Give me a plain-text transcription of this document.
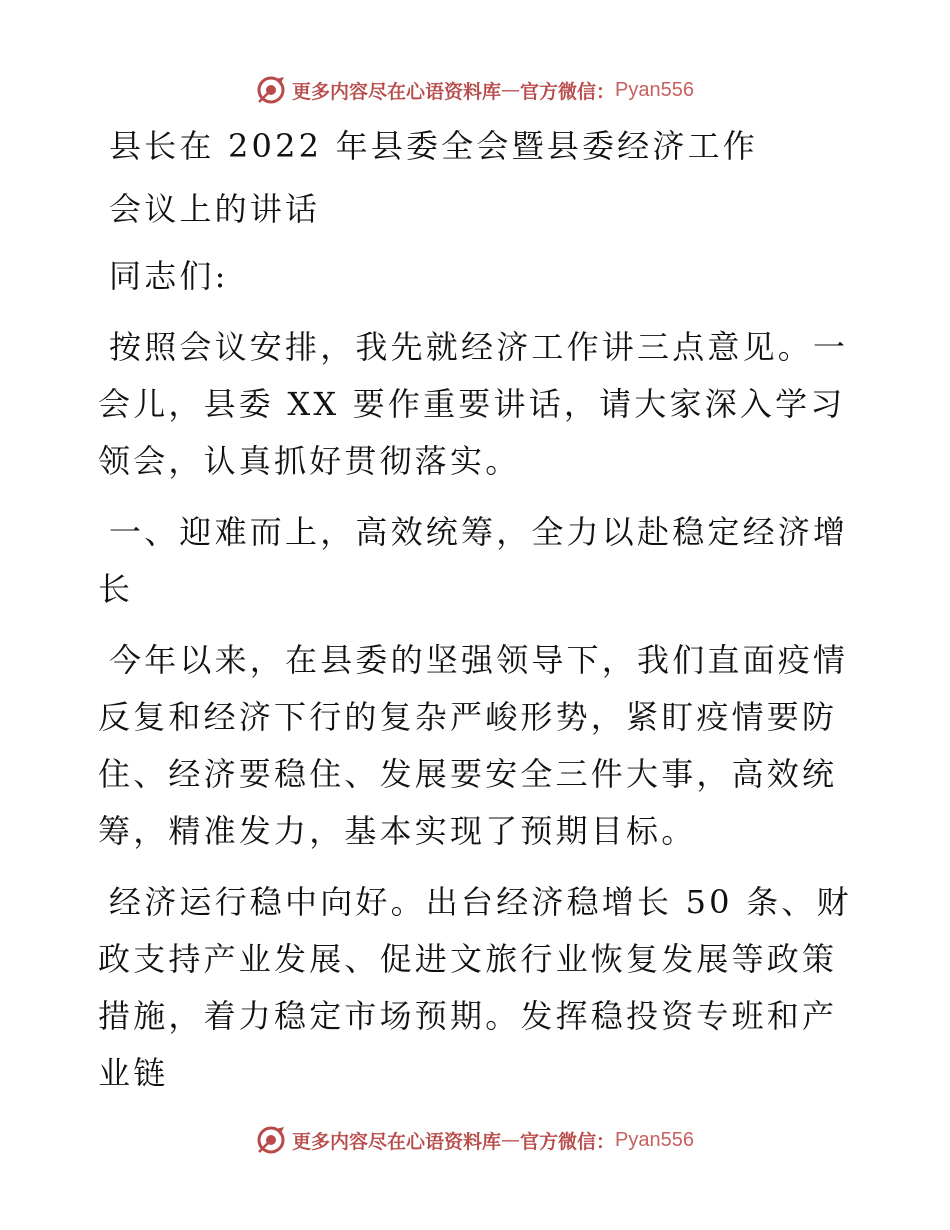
更多内容尽在心语资料库 — 官方微信： Pyan556

县长在 2022 年县委全会暨县委经济工作

会议上的讲话

同志们:

按照会议安排，我先就经济工作讲三点意见。一会儿，县委 XX 要作重要讲话，请大家深入学习领会，认真抓好贯彻落实。

一、迎难而上，高效统筹，全力以赴稳定经济增长

今年以来，在县委的坚强领导下，我们直面疫情反复和经济下行的复杂严峻形势，紧盯疫情要防住、经济要稳住、发展要安全三件大事，高效统筹，精准发力，基本实现了预期目标。

经济运行稳中向好。出台经济稳增长 50 条、财政支持产业发展、促进文旅行业恢复发展等政策措施，着力稳定市场预期。发挥稳投资专班和产业链

更多内容尽在心语资料库 — 官方微信： Pyan556
